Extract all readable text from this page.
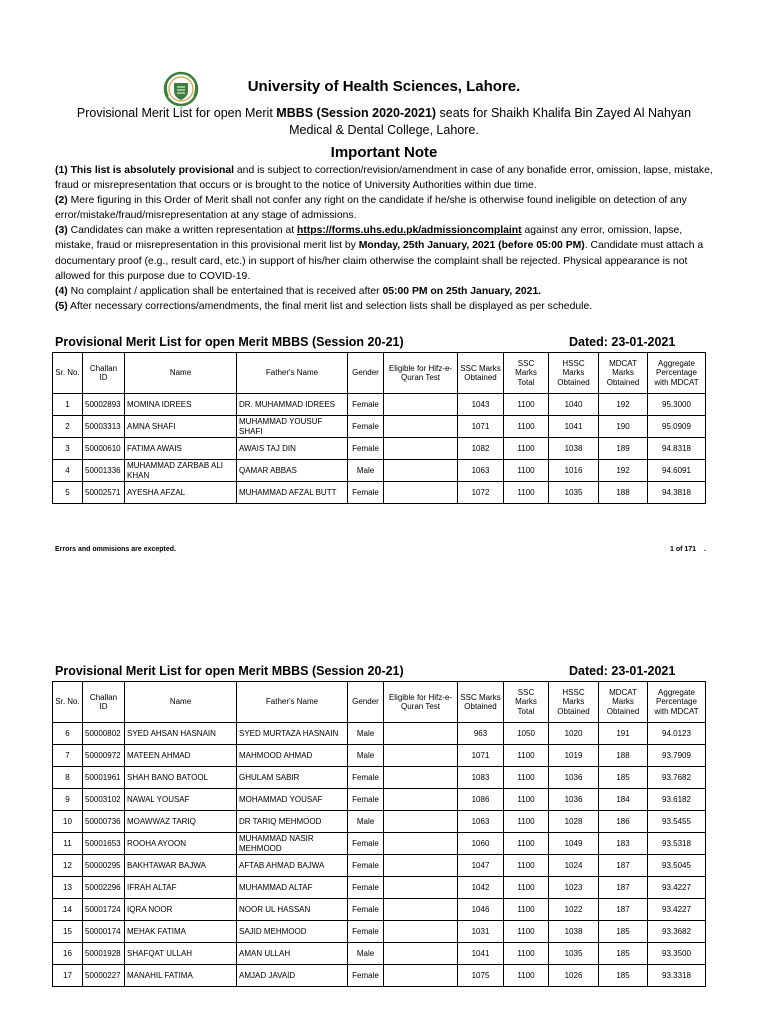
University of Health Sciences, Lahore.
Provisional Merit List for open Merit MBBS (Session 2020-2021) seats for Shaikh Khalifa Bin Zayed Al Nahyan Medical & Dental College, Lahore.
Important Note

(1) This list is absolutely provisional and is subject to correction/revision/amendment in case of any bonafide error, omission, lapse, mistake, fraud or misrepresentation that occurs or is brought to the notice of University Authorities within due time.

(2) Mere figuring in this Order of Merit shall not confer any right on the candidate if he/she is otherwise found ineligible on detection of any error/mistake/fraud/misrepresentation at any stage of admissions.

(3) Candidates can make a written representation at https://forms.uhs.edu.pk/admissioncomplaint against any error, omission, lapse, mistake, fraud or misrepresentation in this provisional merit list by Monday, 25th January, 2021 (before 05:00 PM). Candidate must attach a documentary proof (e.g., result card, etc.) in support of his/her claim otherwise the complaint shall be rejected. Physical appearance is not allowed for this purpose due to COVID-19.

(4) No complaint / application shall be entertained that is received after 05:00 PM on 25th January, 2021.

(5) After necessary corrections/amendments, the final merit list and selection lists shall be displayed as per schedule.

Provisional Merit List for open Merit MBBS (Session 20-21)	Dated: 23-01-2021
Sr. No.	Challan ID	Name	Father's Name	Gender	Eligible for Hifz-e-Quran Test	SSC Marks Obtained	SSC Marks Total	HSSC Marks Obtained	MDCAT Marks Obtained	Aggregate Percentage with MDCAT
1	50002893	MOMINA IDREES	DR. MUHAMMAD IDREES	Female		1043	1100	1040	192	95.3000
2	50003313	AMNA SHAFI	MUHAMMAD YOUSUF SHAFI	Female		1071	1100	1041	190	95.0909
3	50000610	FATIMA AWAIS	AWAIS TAJ DIN	Female		1082	1100	1038	189	94.8318
4	50001336	MUHAMMAD ZARBAB ALI KHAN	QAMAR ABBAS	Male		1063	1100	1016	192	94.6091
5	50002571	AYESHA AFZAL	MUHAMMAD AFZAL BUTT	Female		1072	1100	1035	188	94.3818
Errors and ommisions are excepted.	1 of 171 .
Provisional Merit List for open Merit MBBS (Session 20-21)	Dated: 23-01-2021
Sr. No.	Challan ID	Name	Father's Name	Gender	Eligible for Hifz-e-Quran Test	SSC Marks Obtained	SSC Marks Total	HSSC Marks Obtained	MDCAT Marks Obtained	Aggregate Percentage with MDCAT
6	50000802	SYED AHSAN HASNAIN	SYED MURTAZA HASNAIN	Male		963	1050	1020	191	94.0123
7	50000972	MATEEN AHMAD	MAHMOOD AHMAD	Male		1071	1100	1019	188	93.7909
8	50001961	SHAH BANO BATOOL	GHULAM SABIR	Female		1083	1100	1036	185	93.7682
9	50003102	NAWAL YOUSAF	MOHAMMAD YOUSAF	Female		1086	1100	1036	184	93.6182
10	50000736	MOAWWAZ TARIQ	DR TARIQ MEHMOOD	Male		1063	1100	1028	186	93.5455
11	50001653	ROOHA AYOON	MUHAMMAD NASIR MEHMOOD	Female		1060	1100	1049	183	93.5318
12	50000295	BAKHTAWAR BAJWA	AFTAB AHMAD BAJWA	Female		1047	1100	1024	187	93.5045
13	50002296	IFRAH ALTAF	MUHAMMAD ALTAF	Female		1042	1100	1023	187	93.4227
14	50001724	IQRA NOOR	NOOR UL HASSAN	Female		1046	1100	1022	187	93.4227
15	50000174	MEHAK FATIMA	SAJID MEHMOOD	Female		1031	1100	1038	185	93.3682
16	50001928	SHAFQAT ULLAH	AMAN ULLAH	Male		1041	1100	1035	185	93.3500
17	50000227	MANAHIL FATIMA	AMJAD JAVAID	Female		1075	1100	1026	185	93.3318
